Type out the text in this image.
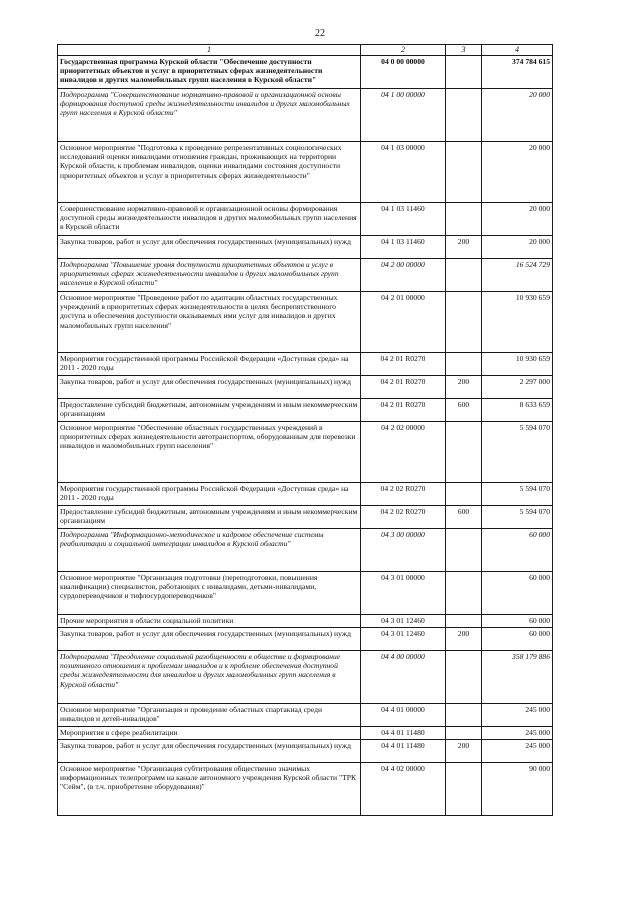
22
1	2	3	4
Государственная программа Курской области "Обеспечение доступности приоритетных объектов и услуг в приоритетных сферах жизнедеятельности инвалидов и других маломобильных групп населения в Курской области"	04 0 00 00000		374 784 615
Подпрограмма "Совершенствование нормативно-правовой и организационной основы формирования доступной среды жизнедеятельности инвалидов и других маломобильных групп населения в Курской области"	04 1 00 00000		20 000
Основное мероприятие "Подготовка к проведение репрезентативных социологических исследований оценки инвалидами отношения граждан, проживающих на территории Курской области, к проблемам инвалидов, оценки инвалидами состояния доступности приоритетных объектов и услуг в приоритетных сферах жизнедеятельности"	04 1 03 00000		20 000
Совершенствование нормативно-правовой и организационной основы формирования доступной среды жизнедеятельности инвалидов и других маломобильных групп населения в Курской области	04 1 03 11460		20 000
Закупка товаров, работ и услуг для обеспечения государственных (муниципальных) нужд	04 1 03 11460	200	20 000
Подпрограмма "Повышение уровня доступности приоритетных объектов и услуг в приоритетных сферах жизнедеятельности инвалидов и других маломобильных групп населения в Курской области"	04 2 00 00000		16 524 729
Основное мероприятие "Проведение работ по адаптации областных государственных учреждений в приоритетных сферах жизнедеятельности в целях беспрепятственного доступа и обеспечения доступности оказываемых ими услуг для инвалидов и других маломобильных групп населения"	04 2 01 00000		10 930 659
Мероприятия государственной программы Российской Федерации «Доступная среда» на 2011 - 2020 годы	04 2 01 R0270		10 930 659
Закупка товаров, работ и услуг для обеспечения государственных (муниципальных) нужд	04 2 01 R0270	200	2 297 000
Предоставление субсидий бюджетным, автономным учреждениям и иным некоммерческим организациям	04 2 01 R0270	600	8 633 659
Основное мероприятие "Обеспечение областных государственных учреждений в приоритетных сферах жизнедеятельности автотранспортом, оборудованным для перевозки инвалидов и маломобильных групп населения"	04 2 02 00000		5 594 070
Мероприятия государственной программы Российской Федерации «Доступная среда» на 2011 - 2020 годы	04 2 02 R0270		5 594 070
Предоставление субсидий бюджетным, автономным учреждениям и иным некоммерческим организациям	04 2 02 R0270	600	5 594 070
Подпрограмма "Информационно-методическое и кадровое обеспечение системы реабилитации и социальной интеграции инвалидов в Курской области"	04 3 00 00000		60 000
Основное мероприятие "Организация подготовки (переподготовки, повышения квалификации) специалистов, работающих с инвалидами, детьми-инвалидами, сурдопереводчиков и тифлосурдопереводчиков"	04 3 01 00000		60 000
Прочие мероприятия в области социальной политики	04 3 01 12460		60 000
Закупка товаров, работ и услуг для обеспечения государственных (муниципальных) нужд	04 3 01 12460	200	60 000
Подпрограмма "Преодоление социальной разобщенности в обществе и формирование позитивного отношения к проблемам инвалидов и к проблеме обеспечения доступной среды жизнедеятельности для инвалидов и других маломобильных групп населения в Курской области"	04 4 00 00000		358 179 886
Основное мероприятие "Организация и проведение областных спартакиад среди инвалидов и детей-инвалидов"	04 4 01 00000		245 000
Мероприятия в сфере реабилитации	04 4 01 11480		245 000
Закупка товаров, работ и услуг для обеспечения государственных (муниципальных) нужд	04 4 01 11480	200	245 000
Основное мероприятие "Организация субтитрования общественно значимых информационных телепрограмм на канале автономного учреждения Курской области "ТРК "Сейм", (в т.ч. приобретение оборудования)"	04 4 02 00000		90 000
